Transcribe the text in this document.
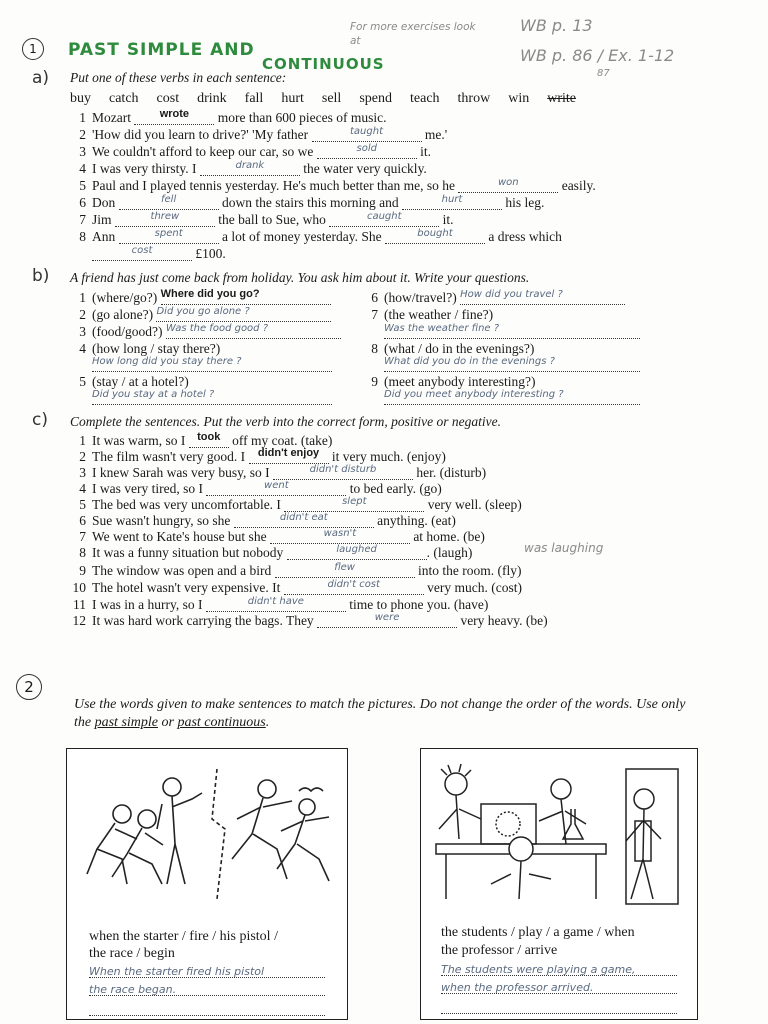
1 PAST SIMPLE AND
CONTINUOUS
For more exercises look at
WB p. 13
WB p. 86 / Ex. 1-12
87
a) Put one of these verbs in each sentence:
buy catch cost drink fall hurt sell spend teach throw win write
1 Mozart	$^{wrote}$ more than 600 pieces of music.
2 'How did you learn to drive?' 'My father	$^{taught}$	me.'
3 We couldn't afford to keep our car, so we	$^{sold}$	it.
4 I was very thirsty. I	$^{drank}$	the water very quickly.
5 Paul and I played tennis yesterday. He's much better than me, so he	$^{won}$	easily.
6 Don	$^{fell}$	down the stairs this morning and	$^{hurt}$	his leg.
7 Jim	$^{threw}$	the ball to Sue, who	$^{caught}$	it.
8 Ann	$^{spent}$	a lot of money yesterday. She	$^{bought}$	a dress which
$^{cost}$	£100.
b) A friend has just come back from holiday. You ask him about it. Write your questions.
1 (where/go?) $^{Where did you go?}$
2 (go alone?) $^{Did you go alone ?}$
3 (food/good?) $^{Was the food good ?}$
4 (how long / stay there?)
$^{How long did you stay there ?}$
5 (stay / at a hotel?)
$^{Did you stay at a hotel ?}$
6 (how/travel?) $^{How did you travel ?}$
7 (the weather / fine?)
$^{Was the weather fine ?}$
8 (what / do in the evenings?)
$^{What did you do in the evenings ?}$
9 (meet anybody interesting?)
$^{Did you meet anybody interesting ?}$
c) Complete the sentences. Put the verb into the correct form, positive or negative.
1 It was warm, so I $^{took}$ off my coat. (take)
2 The film wasn't very good. I $^{didn't enjoy}$ it very much. (enjoy)
3 I knew Sarah was very busy, so I	$^{didn't disturb}$	her. (disturb)
4 I was very tired, so I	$^{went}$	to bed early. (go)
5 The bed was very uncomfortable. I	$^{slept}$	very well. (sleep)
6 Sue wasn't hungry, so she	$^{didn't eat}$	anything. (eat)
7 We went to Kate's house but she	$^{wasn't}$	at home. (be)
8 It was a funny situation but nobody	$^{laughed}$	. (laugh)	was laughing
9 The window was open and a bird	$^{flew}$	into the room. (fly)
10 The hotel wasn't very expensive. It	$^{didn't cost}$	very much. (cost)
11 I was in a hurry, so I	$^{didn't have}$	time to phone you. (have)
12 It was hard work carrying the bags. They	$^{were}$	very heavy. (be)
2
Use the words given to make sentences to match the pictures. Do not change the order of the words. Use only the past simple or past continuous.
when the starter / fire / his pistol /
the race / begin
When the starter fired his pistol
the race began.
the students / play / a game / when
the professor / arrive
The students were playing a game,
when the professor arrived.
